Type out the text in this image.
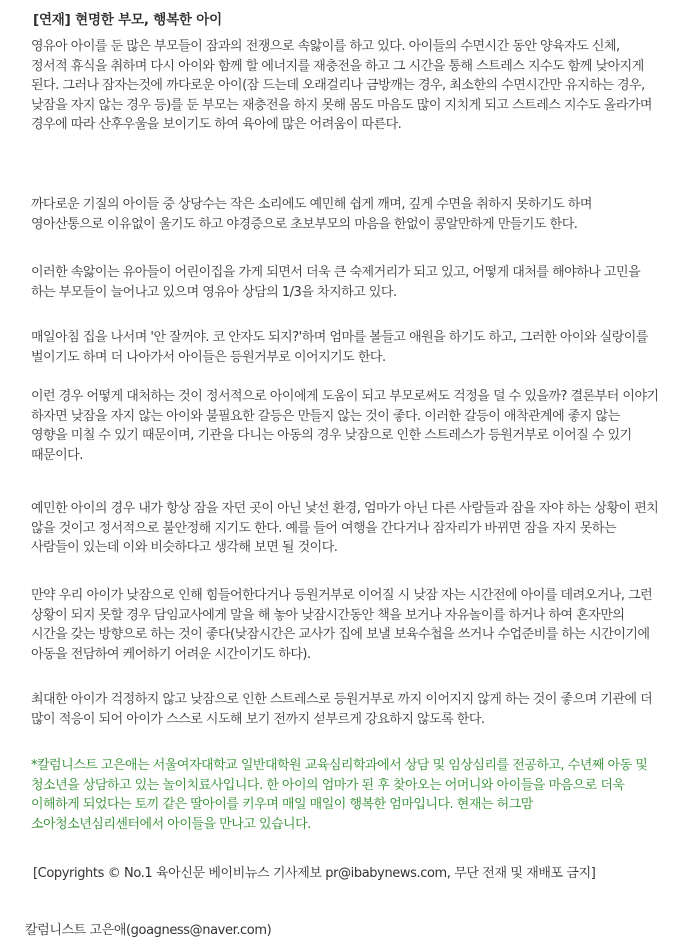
[연재] 현명한 부모, 행복한 아이
영유아 아이를 둔 많은 부모들이 잠과의 전쟁으로 속앓이를 하고 있다. 아이들의 수면시간 동안 양육자도 신체, 정서적 휴식을 취하며 다시 아이와 함께 할 에너지를 재충전을 하고 그 시간을 통해 스트레스 지수도 함께 낮아지게 된다. 그러나 잠자는것에 까다로운 아이(잠 드는데 오래걸리나 금방깨는 경우, 최소한의 수면시간만 유지하는 경우, 낮잠을 자지 않는 경우 등)를 둔 부모는 재충전을 하지 못해 몸도 마음도 많이 지치게 되고 스트레스 지수도 올라가며 경우에 따라 산후우울을 보이기도 하여 육아에 많은 어려움이 따른다.
까다로운 기질의 아이들 중 상당수는 작은 소리에도 예민해 쉽게 깨며, 깊게 수면을 취하지 못하기도 하며 영아산통으로 이유없이 울기도 하고 야경증으로 초보부모의 마음을 한없이 콩알만하게 만들기도 한다.
이러한 속앓이는 유아들이 어린이집을 가게 되면서 더욱 큰 숙제거리가 되고 있고, 어떻게 대처를 해야하나 고민을 하는 부모들이 늘어나고 있으며 영유아 상담의 1/3을 차지하고 있다.
매일아침 집을 나서며 '안 잘꺼야. 코 안자도 되지?'하며 엄마를 볼들고 애원을 하기도 하고, 그러한 아이와 실랑이를 벌이기도 하며 더 나아가서 아이들은 등원거부로 이어지기도 한다.
이런 경우 어떻게 대처하는 것이 정서적으로 아이에게 도움이 되고 부모로써도 걱정을 덜 수 있을까? 결론부터 이야기 하자면 낮잠을 자지 않는 아이와 불필요한 갈등은 만들지 않는 것이 좋다. 이러한 갈등이 애착관계에 좋지 않는 영향을 미칠 수 있기 때문이며, 기관을 다니는 아동의 경우 낮잠으로 인한 스트레스가 등원거부로 이어질 수 있기 때문이다.
예민한 아이의 경우 내가 항상 잠을 자던 곳이 아닌 낯선 환경, 엄마가 아닌 다른 사람들과 잠을 자야 하는 상황이 편치 않을 것이고 정서적으로 불안정해 지기도 한다. 예를 들어 여행을 간다거나 잠자리가 바뀌면 잠을 자지 못하는 사람들이 있는데 이와 비슷하다고 생각해 보면 될 것이다.
만약 우리 아이가 낮잠으로 인해 힘들어한다거나 등원거부로 이어질 시 낮잠 자는 시간전에 아이를 데려오거나, 그런 상황이 되지 못할 경우 담임교사에게 말을 해 놓아 낮잠시간동안 책을 보거나 자유놀이를 하거나 하여 혼자만의 시간을 갖는 방향으로 하는 것이 좋다(낮잠시간은 교사가 집에 보낼 보육수첩을 쓰거나 수업준비를 하는 시간이기에 아동을 전담하여 케어하기 어려운 시간이기도 하다).
최대한 아이가 걱정하지 않고 낮잠으로 인한 스트레스로 등원거부로 까지 이어지지 않게 하는 것이 좋으며 기관에 더 많이 적응이 되어 아이가 스스로 시도해 보기 전까지 섣부르게 강요하지 않도록 한다.
*칼럼니스트 고은애는 서울여자대학교 일반대학원 교육심리학과에서 상담 및 임상심리를 전공하고, 수년째 아동 및 청소년을 상담하고 있는 놀이치료사입니다. 한 아이의 엄마가 된 후 찾아오는 어머니와 아이들을 마음으로 더욱 이해하게 되었다는 토끼 같은 딸아이를 키우며 매일 매일이 행복한 엄마입니다. 현재는 허그맘 소아청소년심리센터에서 아이들을 만나고 있습니다.
[Copyrights © No.1 육아신문 베이비뉴스 기사제보 pr@ibabynews.com, 무단 전재 및 재배포 금지]
칼럼니스트 고은애(goagness@naver.com)
